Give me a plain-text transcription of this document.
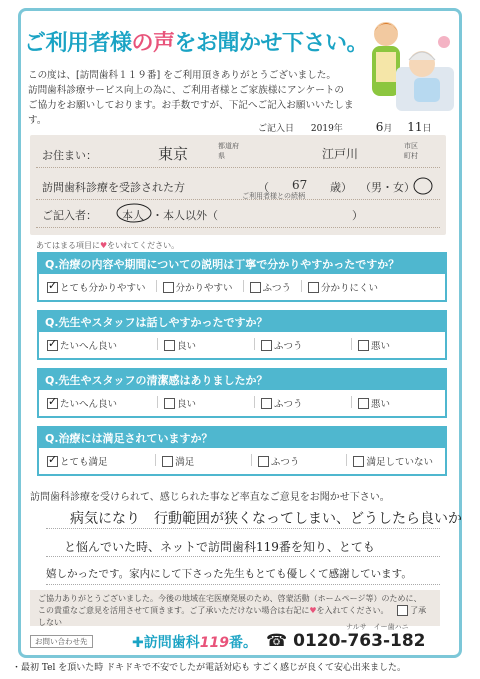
ご利用者様の声をお聞かせ下さい。
この度は、[訪問歯科１１９番] をご利用頂きありがとうございました。
訪問歯科診療サービス向上の為に、ご利用者様とご家族様にアンケートの
ご協力をお願いしております。お手数ですが、下記へご記入お願いいたします。
ご記入日 2019年	6月 11日
お住まい：	東京	都道府県	江戸川
市区
町村
訪問歯科診療を受診された方	（ 67 歳） （男・女）
ご利用者様との続柄
ご記入者： 本人 ・本人以外（	）
あてはまる項目に♥をいれてください。
Q.治療の内容や期間についての説明は丁寧で分かりやすかったですか？
✓
とても分かりやすい	分かりやすい	ふつう	分かりにくい
Q.先生やスタッフは話しやすかったですか？
✓
たいへん良い	良い	ふつう	悪い
Q.先生やスタッフの清潔感はありましたか？
✓
たいへん良い	良い	ふつう	悪い
Q.治療には満足されていますか？
✓
とても満足	満足	ふつう	満足していない
訪問歯科診療を受けられて、感じられた事など率直なご意見をお聞かせ下さい。
病気になり　行動範囲が狭くなってしまい、どうしたら良いか
と悩んでいた時、ネットで訪問歯科119番を知り、とても
嬉しかったです。家内にして下さった先生もとても優しくて感謝しています。
ご協力ありがとうございました。今後の地域在宅医療発展のため、啓蒙活動（ホームページ等）のために、
この貴重なご意見を活用させて頂きます。ご了承いただけない場合は右記に♥を入れてください。	了承しない
お問い合わせ先	✚訪問歯科119番。
ナルサ　イー歯ハニ
☎ 0120-763-182
・最初 Tel を頂いた時 ドキドキで不安でしたが電話対応も すごく感じが良くて安心出来ました。
